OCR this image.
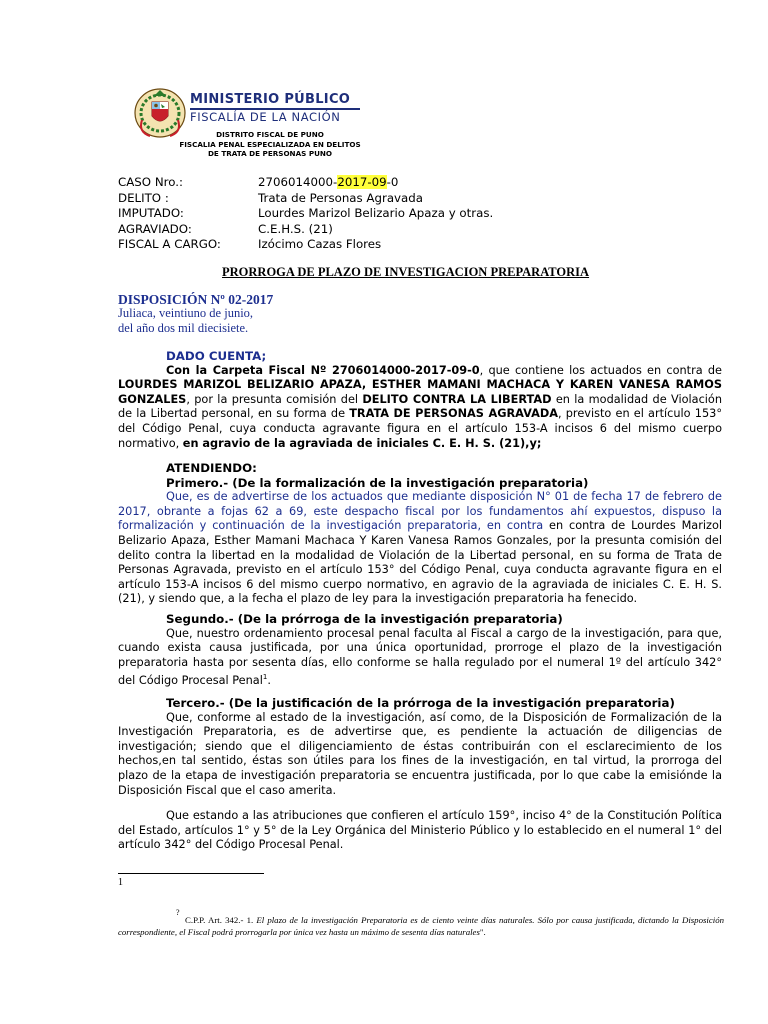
MINISTERIO PÚBLICO
FISCALÍA DE LA NACIÓN
DISTRITO FISCAL DE PUNO
FISCALIA PENAL ESPECIALIZADA EN DELITOS
DE TRATA DE PERSONAS PUNO
CASO Nro.:	2706014000-2017-09-0
DELITO :	Trata de Personas Agravada
IMPUTADO:	Lourdes Marizol Belizario Apaza y otras.
AGRAVIADO:	C.E.H.S. (21)
FISCAL A CARGO:	Izócimo Cazas Flores
PRORROGA DE PLAZO DE INVESTIGACION PREPARATORIA
DISPOSICIÓN Nº 02-2017
Juliaca, veintiuno de junio,
del año dos mil diecisiete.
DADO CUENTA;
Con la Carpeta Fiscal Nº 2706014000-2017-09-0, que contiene los actuados en contra de LOURDES MARIZOL BELIZARIO APAZA, ESTHER MAMANI MACHACA Y KAREN VANESA RAMOS GONZALES, por la presunta comisión del DELITO CONTRA LA LIBERTAD en la modalidad de Violación de la Libertad personal, en su forma de TRATA DE PERSONAS AGRAVADA, previsto en el artículo 153° del Código Penal, cuya conducta agravante figura en el artículo 153-A incisos 6 del mismo cuerpo normativo, en agravio de la agraviada de iniciales C. E. H. S. (21),y;
ATENDIENDO:
Primero.- (De la formalización de la investigación preparatoria)
Que, es de advertirse de los actuados que mediante disposición N° 01 de fecha 17 de febrero de 2017, obrante a fojas 62 a 69, este despacho fiscal por los fundamentos ahí expuestos, dispuso la formalización y continuación de la investigación preparatoria, en contra en contra de Lourdes Marizol Belizario Apaza, Esther Mamani Machaca Y Karen Vanesa Ramos Gonzales, por la presunta comisión del delito contra la libertad en la modalidad de Violación de la Libertad personal, en su forma de Trata de Personas Agravada, previsto en el artículo 153° del Código Penal, cuya conducta agravante figura en el artículo 153-A incisos 6 del mismo cuerpo normativo, en agravio de la agraviada de iniciales C. E. H. S. (21), y siendo que, a la fecha el plazo de ley para la investigación preparatoria ha fenecido.
Segundo.- (De la prórroga de la investigación preparatoria)
Que, nuestro ordenamiento procesal penal faculta al Fiscal a cargo de la investigación, para que, cuando exista causa justificada, por una única oportunidad, prorroge el plazo de la investigación preparatoria hasta por sesenta días, ello conforme se halla regulado por el numeral 1º del artículo 342° del Código Procesal Penal$^1$.
Tercero.- (De la justificación de la prórroga de la investigación preparatoria)
Que, conforme al estado de la investigación, así como, de la Disposición de Formalización de la Investigación Preparatoria, es de advertirse que, es pendiente la actuación de diligencias de investigación; siendo que el diligenciamiento de éstas contribuirán con el esclarecimiento de los hechos,en tal sentido, éstas son útiles para los fines de la investigación, en tal virtud, la prorroga del plazo de la etapa de investigación preparatoria se encuentra justificada, por lo que cabe la emisiónde la Disposición Fiscal que el caso amerita.
Que estando a las atribuciones que confieren el artículo 159°, inciso 4° de la Constitución Política del Estado, artículos 1° y 5° de la Ley Orgánica del Ministerio Público y lo establecido en el numeral 1° del artículo 342° del Código Procesal Penal.
1
?
C.P.P. Art. 342.- 1. El plazo de la investigación Preparatoria es de ciento veinte días naturales. Sólo por causa justificada, dictando la Disposición correspondiente, el Fiscal podrá prorrogarla por única vez hasta un máximo de sesenta días naturales".
